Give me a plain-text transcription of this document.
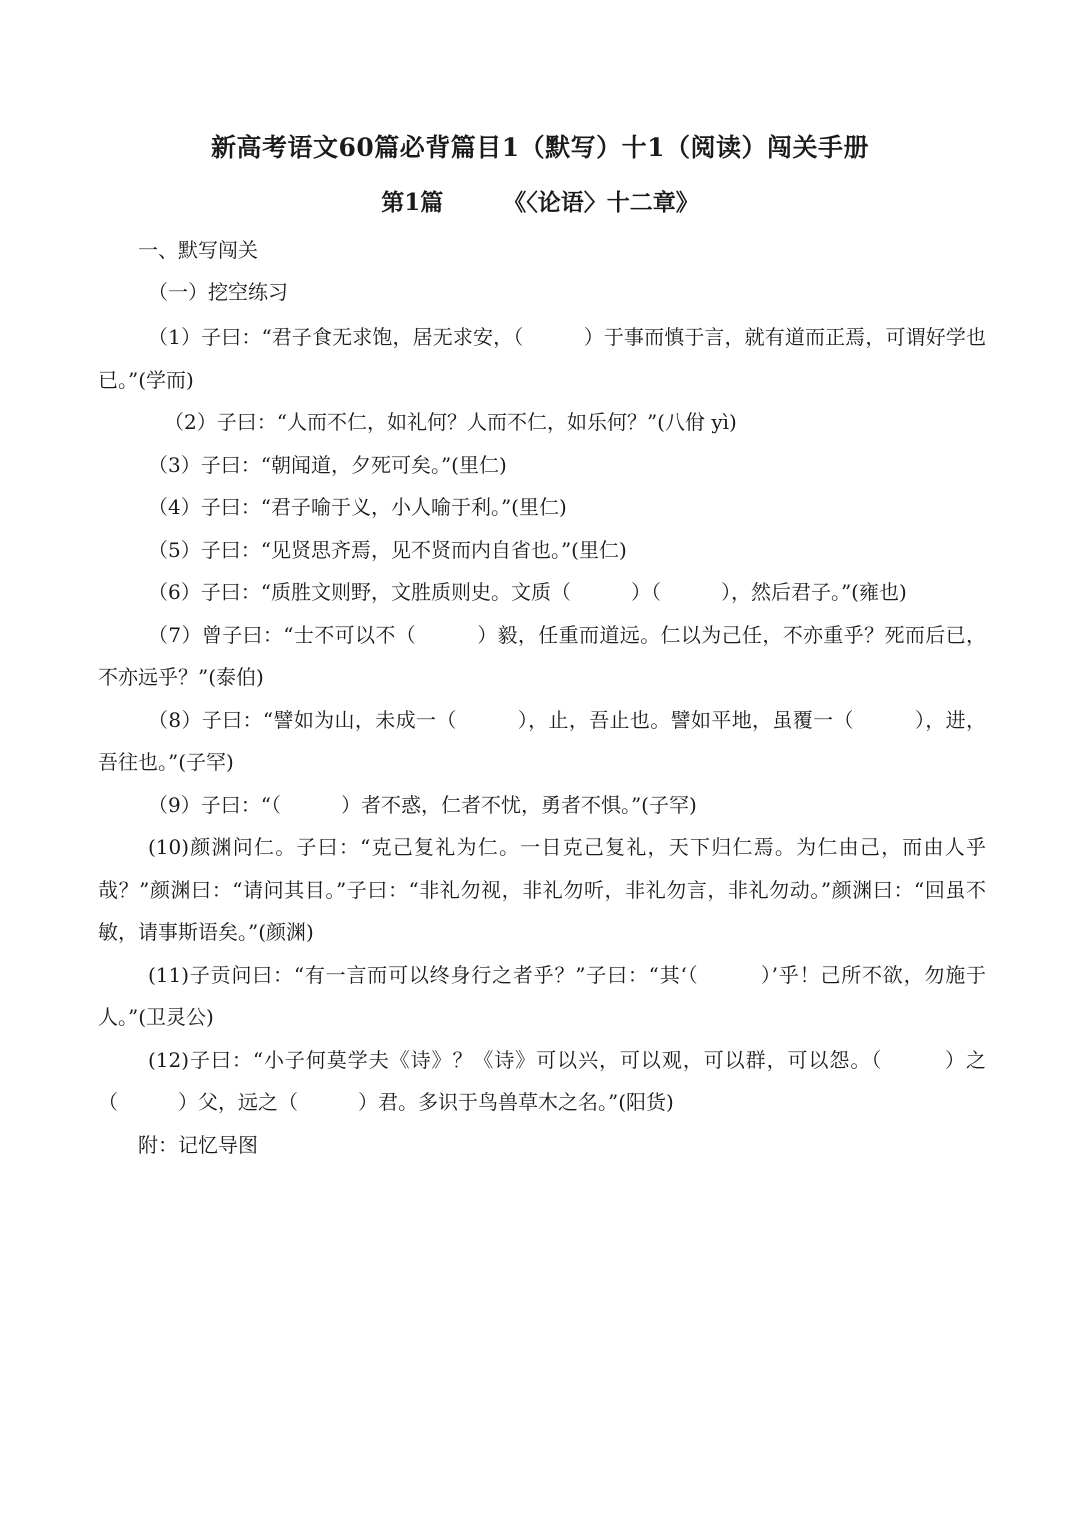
新高考语文60篇必背篇目1（默写）十1（阅读）闯关手册
第1篇	《〈论语〉十二章》
一、默写闯关
（一）挖空练习

（1）子曰：“君子食无求饱，居无求安，（　　　）于事而慎于言，就有道而正焉，可谓好学也已。”(学而)

（2）子曰：“人而不仁，如礼何？人而不仁，如乐何？”(八佾 yì)

（3）子曰：“朝闻道，夕死可矣。”(里仁)

（4）子曰：“君子喻于义，小人喻于利。”(里仁)

（5）子曰：“见贤思齐焉，见不贤而内自省也。”(里仁)

（6）子曰：“质胜文则野，文胜质则史。文质（　　　）（　　　），然后君子。”(雍也)

（7）曾子曰：“士不可以不（　　　）毅，任重而道远。仁以为己任，不亦重乎？死而后已，不亦远乎？”(泰伯)

（8）子曰：“譬如为山，未成一（　　　），止，吾止也。譬如平地，虽覆一（　　　），进，吾往也。”(子罕)

（9）子曰：“（　　　）者不惑，仁者不忧，勇者不惧。”(子罕)

(10)颜渊问仁。子曰：“克己复礼为仁。一日克己复礼，天下归仁焉。为仁由己，而由人乎哉？”颜渊曰：“请问其目。”子曰：“非礼勿视，非礼勿听，非礼勿言，非礼勿动。”颜渊曰：“回虽不敏，请事斯语矣。”(颜渊)

(11)子贡问曰：“有一言而可以终身行之者乎？”子曰：“其‘（　　　）’乎！己所不欲，勿施于人。”(卫灵公)

(12)子曰：“小子何莫学夫《诗》？《诗》可以兴，可以观，可以群，可以怨。（　　　）之（　　　）父，远之（　　　）君。多识于鸟兽草木之名。”(阳货)

附：记忆导图
